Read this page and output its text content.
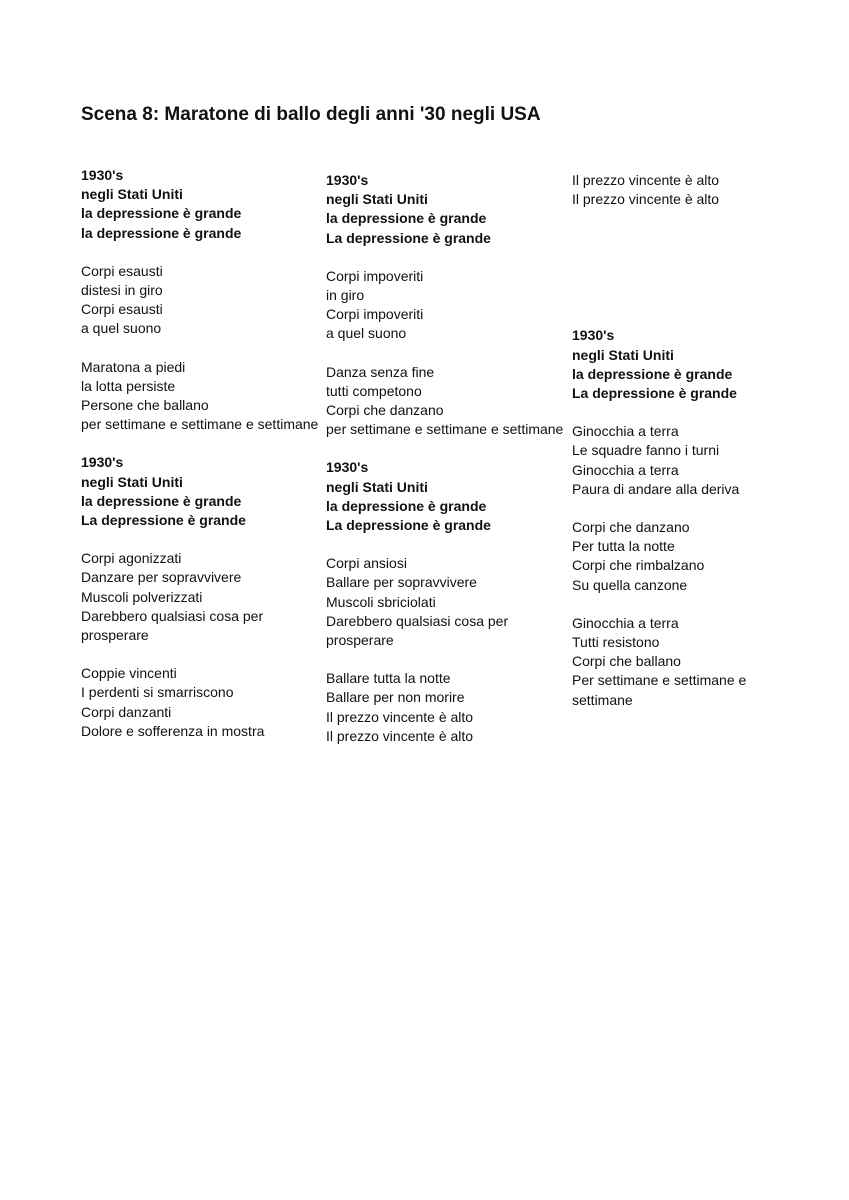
Scena 8: Maratone di ballo degli anni '30 negli USA
1930's
negli Stati Uniti
la depressione è grande
la depressione è grande
Corpi esausti
distesi in giro
Corpi esausti
a quel suono
Maratona a piedi
la lotta persiste
Persone che ballano
per settimane e settimane e settimane
1930's
negli Stati Uniti
la depressione è grande
La depressione è grande
Corpi agonizzati
Danzare per sopravvivere
Muscoli polverizzati
Darebbero qualsiasi cosa per prosperare
Coppie vincenti
I perdenti si smarriscono
Corpi danzanti
Dolore e sofferenza in mostra
1930's
negli Stati Uniti
la depressione è grande
La depressione è grande
Corpi impoveriti
in giro
Corpi impoveriti
a quel suono
Danza senza fine
tutti competono
Corpi che danzano
per settimane e settimane e settimane
1930's
negli Stati Uniti
la depressione è grande
La depressione è grande
Corpi ansiosi
Ballare per sopravvivere
Muscoli sbriciolati
Darebbero qualsiasi cosa per prosperare
Ballare tutta la notte
Ballare per non morire
Il prezzo vincente è alto
Il prezzo vincente è alto
Il prezzo vincente è alto
Il prezzo vincente è alto
1930's
negli Stati Uniti
la depressione è grande
La depressione è grande
Ginocchia a terra
Le squadre fanno i turni
Ginocchia a terra
Paura di andare alla deriva
Corpi che danzano
Per tutta la notte
Corpi che rimbalzano
Su quella canzone
Ginocchia a terra
Tutti resistono
Corpi che ballano
Per settimane e settimane e settimane
